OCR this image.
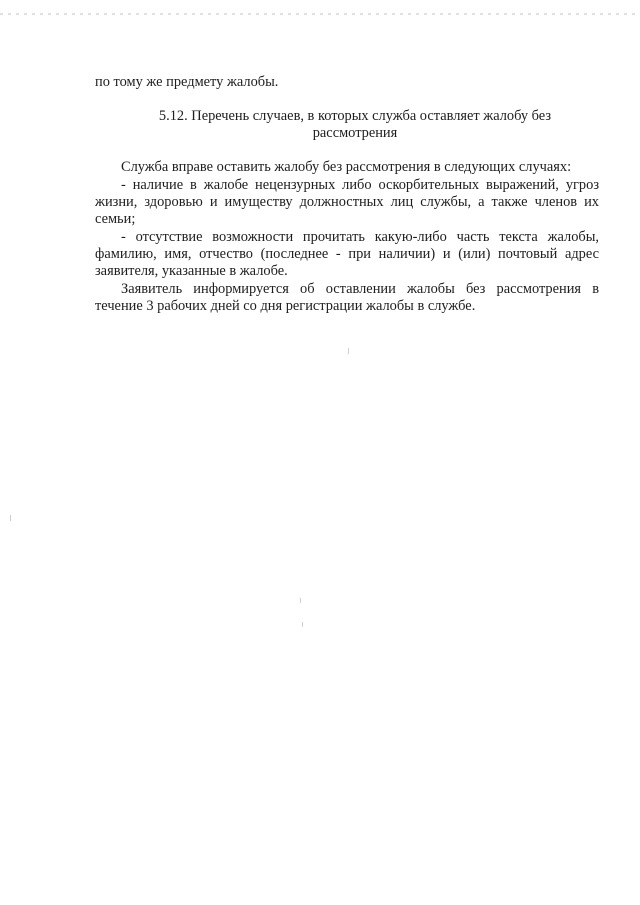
по тому же предмету жалобы.

5.12. Перечень случаев, в которых служба оставляет жалобу без

рассмотрения

Служба вправе оставить жалобу без рассмотрения в следующих случаях:

- наличие в жалобе нецензурных либо оскорбительных выражений, угроз

жизни, здоровью и имуществу должностных лиц службы, а также членов их

семьи;

- отсутствие возможности прочитать какую-либо часть текста жалобы,

фамилию, имя, отчество (последнее - при наличии) и (или) почтовый адрес

заявителя, указанные в жалобе.

Заявитель информируется об оставлении жалобы без рассмотрения в

течение 3 рабочих дней со дня регистрации жалобы в службе.
